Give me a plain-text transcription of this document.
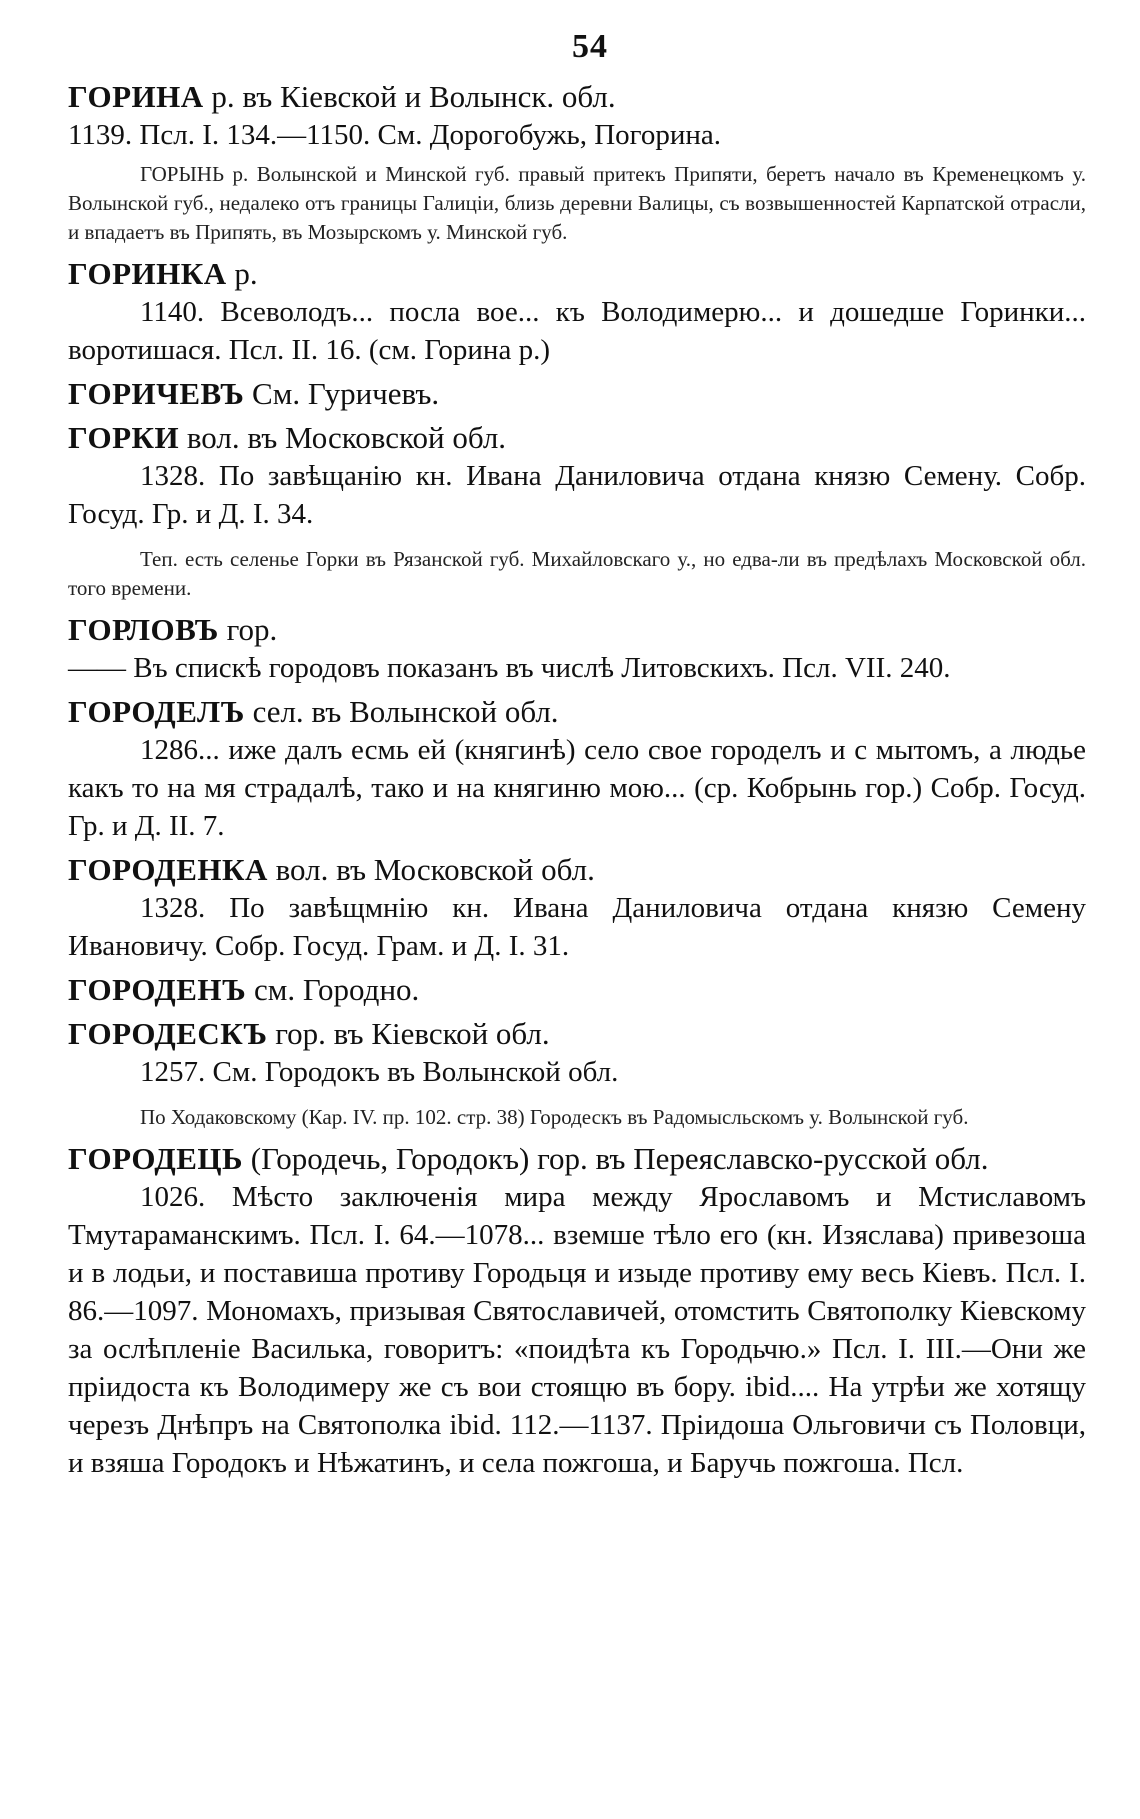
54

ГОРИНА р. въ Кіевской и Волынск. обл.

1139. Псл. I. 134.—1150. См. Дорогобужь, Погорина.

ГОРЫНЬ р. Волынской и Минской губ. правый притекъ Припяти, беретъ начало въ Кременецкомъ у. Волынской губ., недалеко отъ границы Галиціи, близь деревни Валицы, съ возвышенностей Карпатской отрасли, и впадаетъ въ Припять, въ Мозырскомъ у. Минской губ.

ГОРИНКА р.

1140. Всеволодъ... посла вое... къ Володимерю... и дошедше Горинки... воротишася. Псл. II. 16. (см. Горина р.)

ГОРИЧЕВЪ См. Гуричевъ.

ГОРКИ вол. въ Московской обл.

1328. По завѣщанію кн. Ивана Даниловича отдана князю Семену. Собр. Госуд. Гр. и Д. I. 34.

Теп. есть селенье Горки въ Рязанской губ. Михайловскаго у., но едва-ли въ предѣлахъ Московской обл. того времени.

ГОРЛОВЪ гор.

—— Въ спискѣ городовъ показанъ въ числѣ Литовскихъ. Псл. VII. 240.

ГОРОДЕЛЪ сел. въ Волынской обл.

1286... иже далъ есмь ей (княгинѣ) село свое городелъ и с мытомъ, а людье какъ то на мя страдалѣ, тако и на княгиню мою... (ср. Кобрынь гор.) Собр. Госуд. Гр. и Д. II. 7.

ГОРОДЕНКА вол. въ Московской обл.

1328. По завѣщмнію кн. Ивана Даниловича отдана князю Семену Ивановичу. Собр. Госуд. Грам. и Д. I. 31.

ГОРОДЕНЪ см. Городно.

ГОРОДЕСКЪ гор. въ Кіевской обл.

1257. См. Городокъ въ Волынской обл.

По Ходаковскому (Кар. IV. пр. 102. стр. 38) Городескъ въ Радомысльскомъ у. Волынской губ.

ГОРОДЕЦЬ (Городечь, Городокъ) гор. въ Переяславско-русской обл.

1026. Мѣсто заключенія мира между Ярославомъ и Мстиславомъ Тмутараманскимъ. Псл. I. 64.—1078... вземше тѣло его (кн. Изяслава) привезоша и в лодьи, и поставиша противу Городьця и изыде противу ему весь Кіевъ. Псл. I. 86.—1097. Мономахъ, призывая Святославичей, отомстить Святополку Кіевскому за ослѣпленіе Василька, говоритъ: «поидѣта къ Городьчю.» Псл. I. III.—Они же пріидоста къ Володимеру же съ вои стоящю въ бору. ibid.... На утрѣи же хотящу черезъ Днѣпръ на Святополка ibid. 112.—1137. Пріидоша Ольговичи съ Половци, и взяша Городокъ и Нѣжатинъ, и села пожгоша, и Баручь пожгоша. Псл.
